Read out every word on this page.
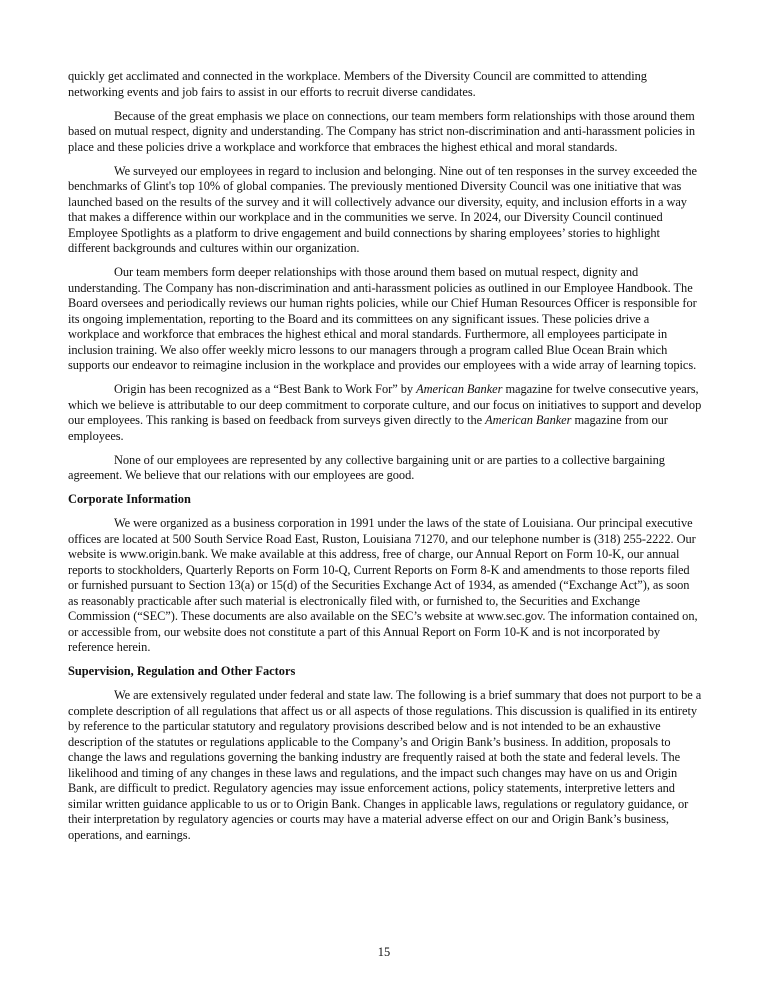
quickly get acclimated and connected in the workplace. Members of the Diversity Council are committed to attending networking events and job fairs to assist in our efforts to recruit diverse candidates.

Because of the great emphasis we place on connections, our team members form relationships with those around them based on mutual respect, dignity and understanding. The Company has strict non-discrimination and anti-harassment policies in place and these policies drive a workplace and workforce that embraces the highest ethical and moral standards.

We surveyed our employees in regard to inclusion and belonging. Nine out of ten responses in the survey exceeded the benchmarks of Glint's top 10% of global companies. The previously mentioned Diversity Council was one initiative that was launched based on the results of the survey and it will collectively advance our diversity, equity, and inclusion efforts in a way that makes a difference within our workplace and in the communities we serve. In 2024, our Diversity Council continued Employee Spotlights as a platform to drive engagement and build connections by sharing employees’ stories to highlight different backgrounds and cultures within our organization.

Our team members form deeper relationships with those around them based on mutual respect, dignity and understanding. The Company has non-discrimination and anti-harassment policies as outlined in our Employee Handbook. The Board oversees and periodically reviews our human rights policies, while our Chief Human Resources Officer is responsible for its ongoing implementation, reporting to the Board and its committees on any significant issues. These policies drive a workplace and workforce that embraces the highest ethical and moral standards. Furthermore, all employees participate in inclusion training. We also offer weekly micro lessons to our managers through a program called Blue Ocean Brain which supports our endeavor to reimagine inclusion in the workplace and provides our employees with a wide array of learning topics.

Origin has been recognized as a “Best Bank to Work For” by American Banker magazine for twelve consecutive years, which we believe is attributable to our deep commitment to corporate culture, and our focus on initiatives to support and develop our employees. This ranking is based on feedback from surveys given directly to the American Banker magazine from our employees.

None of our employees are represented by any collective bargaining unit or are parties to a collective bargaining agreement. We believe that our relations with our employees are good.

Corporate Information

We were organized as a business corporation in 1991 under the laws of the state of Louisiana. Our principal executive offices are located at 500 South Service Road East, Ruston, Louisiana 71270, and our telephone number is (318) 255-2222. Our website is www.origin.bank. We make available at this address, free of charge, our Annual Report on Form 10-K, our annual reports to stockholders, Quarterly Reports on Form 10-Q, Current Reports on Form 8-K and amendments to those reports filed or furnished pursuant to Section 13(a) or 15(d) of the Securities Exchange Act of 1934, as amended (“Exchange Act”), as soon as reasonably practicable after such material is electronically filed with, or furnished to, the Securities and Exchange Commission (“SEC”). These documents are also available on the SEC’s website at www.sec.gov. The information contained on, or accessible from, our website does not constitute a part of this Annual Report on Form 10-K and is not incorporated by reference herein.

Supervision, Regulation and Other Factors

We are extensively regulated under federal and state law. The following is a brief summary that does not purport to be a complete description of all regulations that affect us or all aspects of those regulations. This discussion is qualified in its entirety by reference to the particular statutory and regulatory provisions described below and is not intended to be an exhaustive description of the statutes or regulations applicable to the Company’s and Origin Bank’s business. In addition, proposals to change the laws and regulations governing the banking industry are frequently raised at both the state and federal levels. The likelihood and timing of any changes in these laws and regulations, and the impact such changes may have on us and Origin Bank, are difficult to predict. Regulatory agencies may issue enforcement actions, policy statements, interpretive letters and similar written guidance applicable to us or to Origin Bank. Changes in applicable laws, regulations or regulatory guidance, or their interpretation by regulatory agencies or courts may have a material adverse effect on our and Origin Bank’s business, operations, and earnings.

15
